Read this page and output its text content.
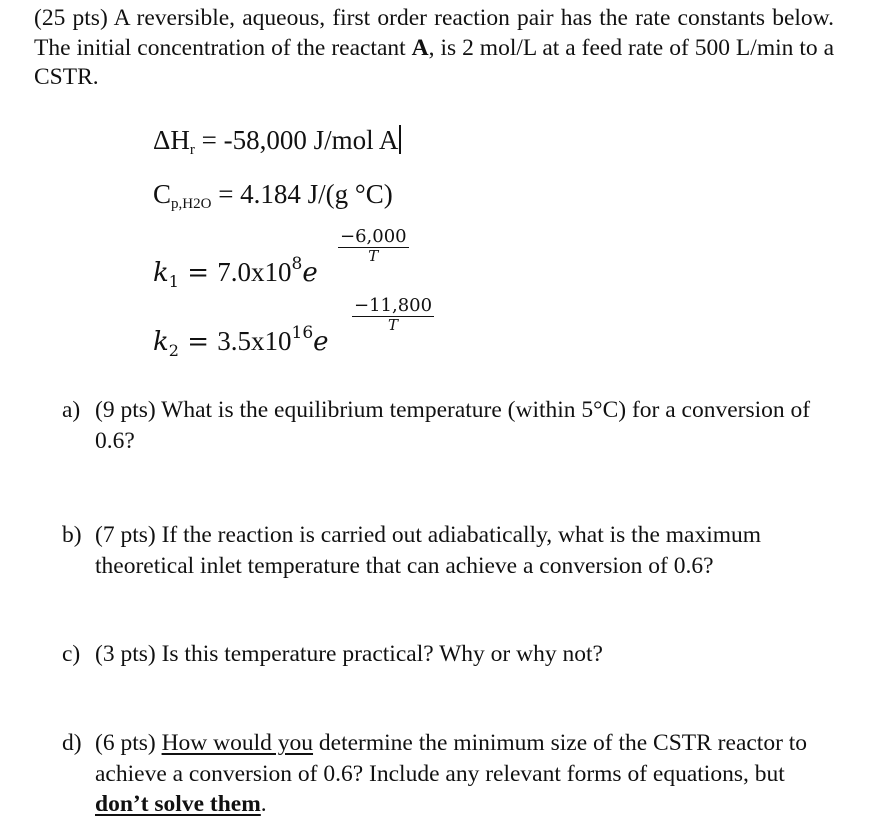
(25 pts) A reversible, aqueous, first order reaction pair has the rate constants below. The initial concentration of the reactant A, is 2 mol/L at a feed rate of 500 L/min to a CSTR.
$\Delta H_r = -58,000$ J/mol A
$C_{p,H2O} = 4.184$ J/(g °C)
$k_1 = 7.0x10^8e$
−6,000
T
$k_2 = 3.5x10^{16}e$
−11,800
T
a) (9 pts) What is the equilibrium temperature (within 5°C) for a conversion of 0.6?
b) (7 pts) If the reaction is carried out adiabatically, what is the maximum theoretical inlet temperature that can achieve a conversion of 0.6?
c) (3 pts) Is this temperature practical? Why or why not?
d) (6 pts) How would you determine the minimum size of the CSTR reactor to achieve a conversion of 0.6? Include any relevant forms of equations, but don’t solve them.
